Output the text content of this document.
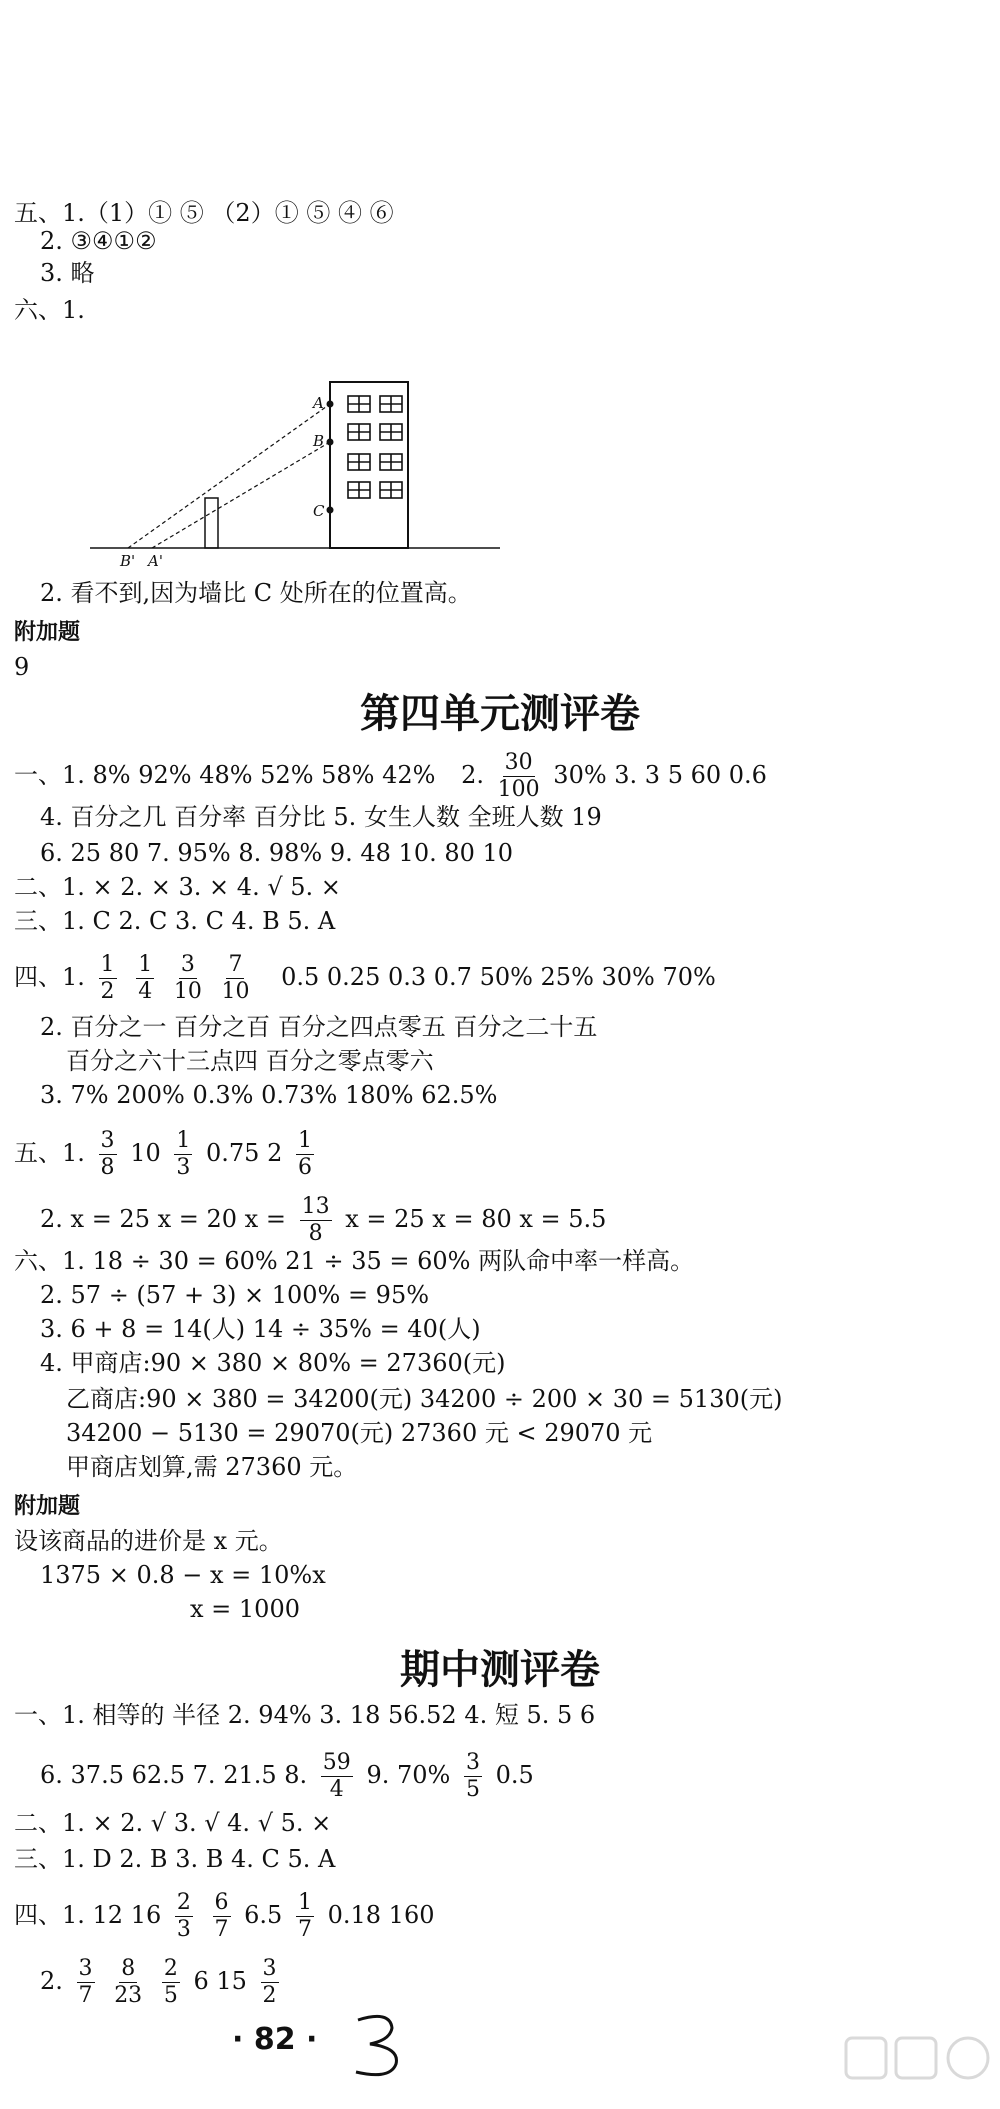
五、1.（1）① ⑤ （2）① ⑤ ④ ⑥
2. ③④①②
3. 略
六、1.
A
B
C
B' A'
2. 看不到,因为墙比 C 处所在的位置高。
附加题
9
第四单元测评卷
一、1. 8% 92% 48% 52% 58% 42% 2. $\frac{30}{100} 30\%$ 3. 3 5 60 0.6
4. 百分之几 百分率 百分比 5. 女生人数 全班人数 19
6. 25 80 7. 95% 8. 98% 9. 48 10. 80 10
二、1. × 2. × 3. × 4. √ 5. ×
三、1. C 2. C 3. C 4. B 5. A
四、1. $\frac{1}{2}$
$\frac{1}{4}$
$\frac{3}{10}$
$\frac{7}{10} 0.5$ 0.25 0.3 0.7 50% 25% 30% 70%
2. 百分之一 百分之百 百分之四点零五 百分之二十五
百分之六十三点四 百分之零点零六
3. 7% 200% 0.3% 0.73% 180% 62.5%
五、1. $\frac{3}{8} 10 \frac{1}{3} 0.75$ $2 \frac{1}{6}$
2. x = 25 x = 20 $x = \frac{13}{8}$ x = 25 x = 80 x = 5.5
六、1. 18 ÷ 30 = 60% 21 ÷ 35 = 60% 两队命中率一样高。
2. 57 ÷ (57 + 3) × 100% = 95%
3. 6 + 8 = 14(人) 14 ÷ 35% = 40(人)
4. 甲商店:90 × 380 × 80% = 27360(元)
乙商店:90 × 380 = 34200(元) 34200 ÷ 200 × 30 = 5130(元)
34200 − 5130 = 29070(元) 27360 元 < 29070 元
甲商店划算,需 27360 元。
附加题
设该商品的进价是 x 元。
1375 × 0.8 − x = 10%x
x = 1000
期中测评卷
一、1. 相等的 半径 2. 94% 3. 18 56.52 4. 短 5. 5 6
6. 37.5 62.5 7. 21.5 8. $\frac{59}{4} 9$. $70\% \frac{3}{5} 0.5$
二、1. × 2. √ 3. √ 4. √ 5. ×
三、1. D 2. B 3. B 4. C 5. A
四、1. 12 $16 \frac{2}{3}$
$\frac{6}{7} 6.5 \frac{1}{7} 0.18$ 160
2. $\frac{3}{7}$
$\frac{8}{23}$
$\frac{2}{5} 6$ $15 \frac{3}{2}$
· 82 ·
